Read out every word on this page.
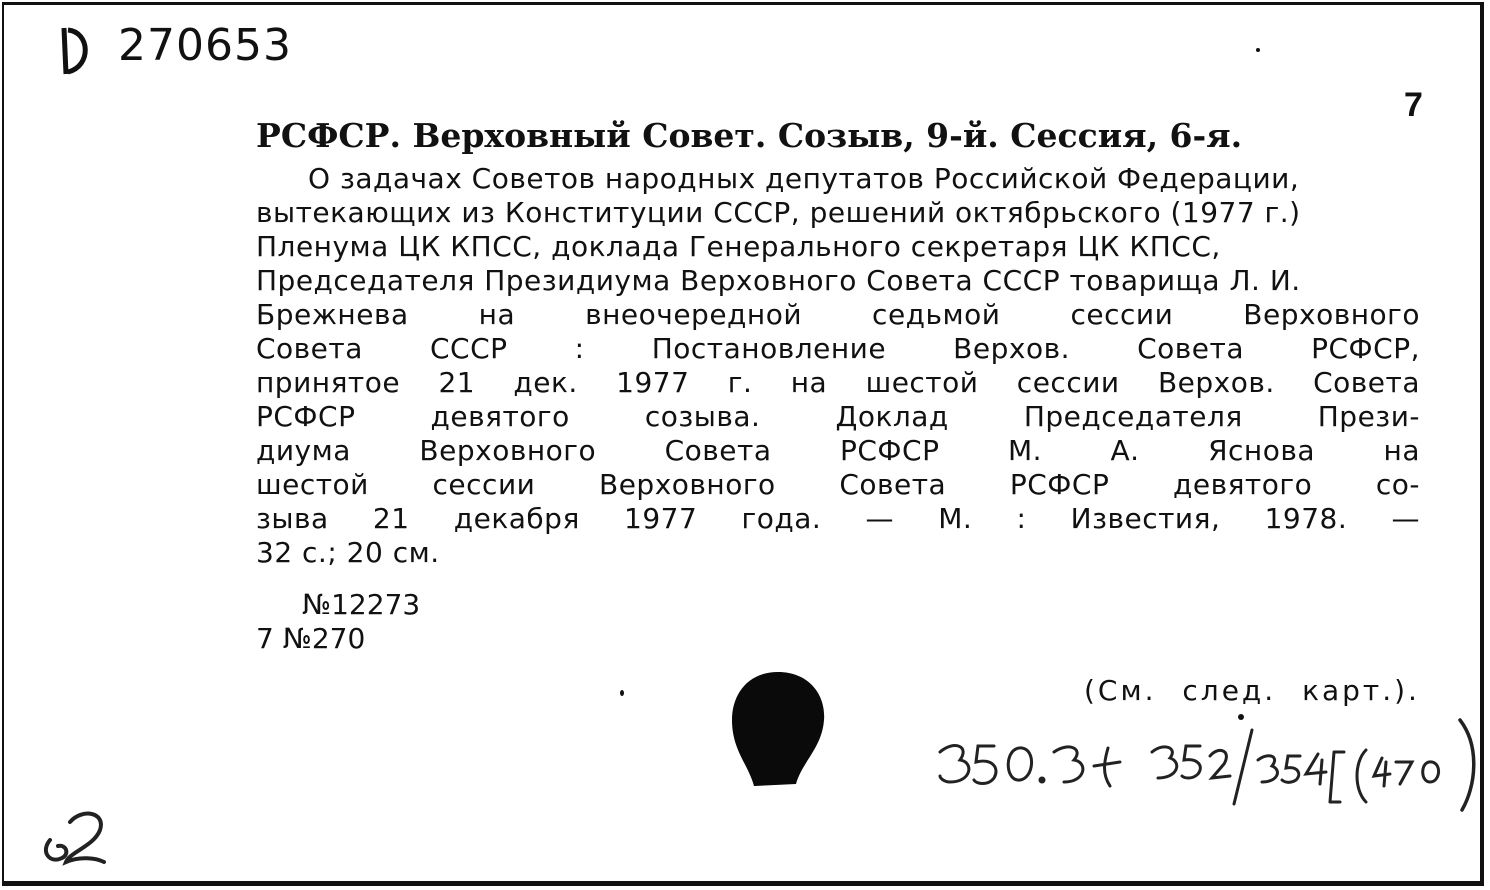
270653
7
РСФСР. Верховный Совет. Созыв, 9-й. Сессия, 6-я.
О задачах Советов народных депутатов Российской Федерации,
вытекающих из Конституции СССР, решений октябрьского (1977 г.)
Пленума ЦК КПСС, доклада Генерального секретаря ЦК КПСС,
Председателя Президиума Верховного Совета СССР товарища Л. И.
Брежнева на внеочередной седьмой сессии Верховного
Совета СССР : Постановление Верхов. Совета РСФСР,
принятое 21 дек. 1977 г. на шестой сессии Верхов. Совета
РСФСР девятого созыва. Доклад Председателя Прези-
диума Верховного Совета РСФСР М. А. Яснова на
шестой сессии Верховного Совета РСФСР девятого со-
зыва 21 декабря 1977 года. — М. : Известия, 1978. —
32 с.; 20 см.
№12273
7 №270
(См. след. карт.).
